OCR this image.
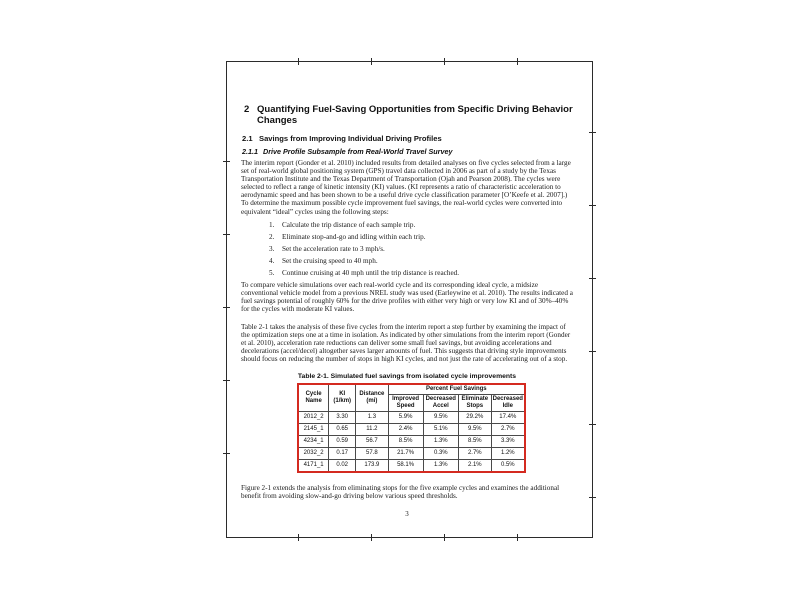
2 Quantifying Fuel-Saving Opportunities from Specific Driving Behavior Changes
2.1 Savings from Improving Individual Driving Profiles
2.1.1 Drive Profile Subsample from Real-World Travel Survey

The interim report (Gonder et al. 2010) included results from detailed analyses on five cycles selected from a large set of real-world global positioning system (GPS) travel data collected in 2006 as part of a study by the Texas Transportation Institute and the Texas Department of Transportation (Ojah and Pearson 2008). The cycles were selected to reflect a range of kinetic intensity (KI) values. (KI represents a ratio of characteristic acceleration to aerodynamic speed and has been shown to be a useful drive cycle classification parameter [O’Keefe et al. 2007].) To determine the maximum possible cycle improvement fuel savings, the real-world cycles were converted into equivalent “ideal” cycles using the following steps:

1.	Calculate the trip distance of each sample trip.
2.	Eliminate stop-and-go and idling within each trip.
3.	Set the acceleration rate to 3 mph/s.
4.	Set the cruising speed to 40 mph.
5.	Continue cruising at 40 mph until the trip distance is reached.

To compare vehicle simulations over each real-world cycle and its corresponding ideal cycle, a midsize conventional vehicle model from a previous NREL study was used (Earleywine et al. 2010). The results indicated a fuel savings potential of roughly 60% for the drive profiles with either very high or very low KI and of 30%–40% for the cycles with moderate KI values.

Table 2-1 takes the analysis of these five cycles from the interim report a step further by examining the impact of the optimization steps one at a time in isolation. As indicated by other simulations from the interim report (Gonder et al. 2010), acceleration rate reductions can deliver some small fuel savings, but avoiding accelerations and decelerations (accel/decel) altogether saves larger amounts of fuel. This suggests that driving style improvements should focus on reducing the number of stops in high KI cycles, and not just the rate of accelerating out of a stop.

Table 2-1. Simulated fuel savings from isolated cycle improvements
Cycle Name	KI (1/km)	Distance (mi)	Percent Fuel Savings			
			Improved Speed	Decreased Accel	Eliminate Stops	Decreased Idle
2012_2	3.30	1.3	5.9%	9.5%	29.2%	17.4%
2145_1	0.65	11.2	2.4%	5.1%	9.5%	2.7%
4234_1	0.59	56.7	8.5%	1.3%	8.5%	3.3%
2032_2	0.17	57.8	21.7%	0.3%	2.7%	1.2%
4171_1	0.02	173.9	58.1%	1.3%	2.1%	0.5%

Figure 2-1 extends the analysis from eliminating stops for the five example cycles and examines the additional benefit from avoiding slow-and-go driving below various speed thresholds.

3
